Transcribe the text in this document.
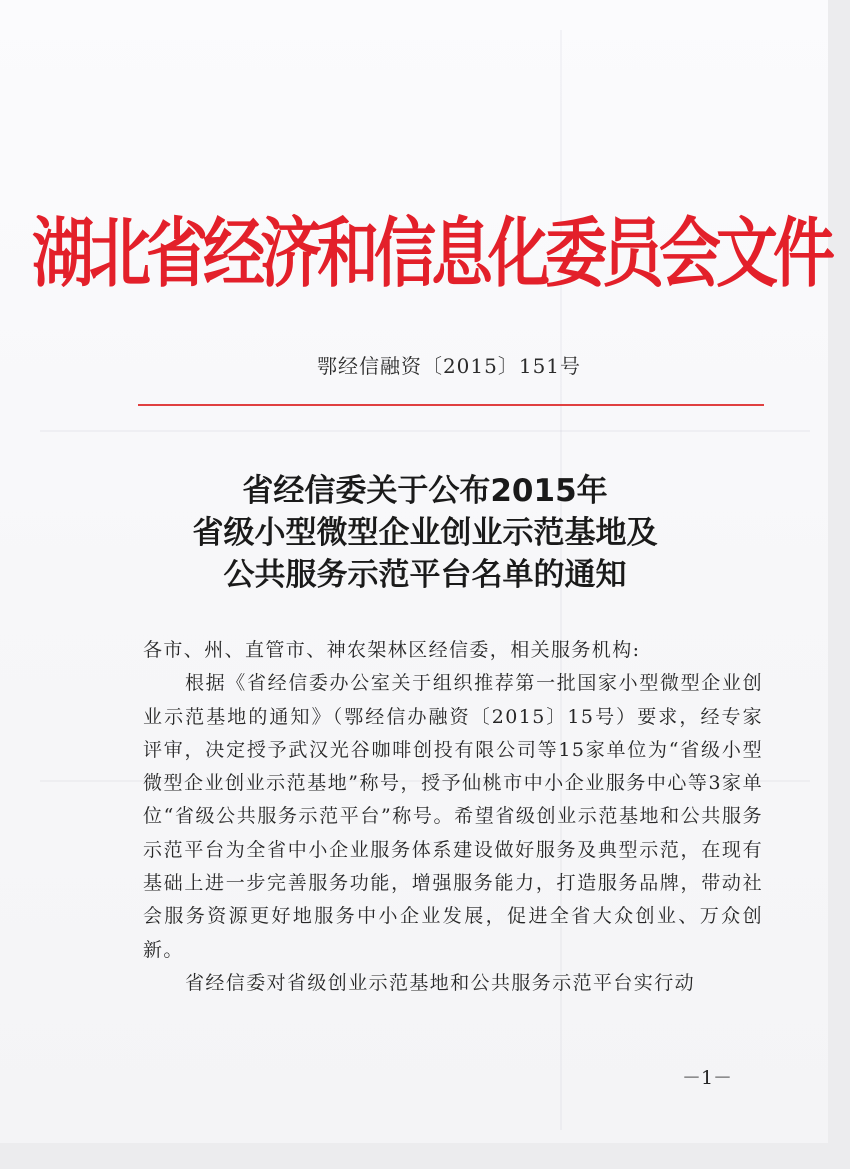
湖北省经济和信息化委员会文件
鄂经信融资〔2015〕151号
省经信委关于公布2015年
省级小型微型企业创业示范基地及
公共服务示范平台名单的通知

各市、州、直管市、神农架林区经信委，相关服务机构:

根据《省经信委办公室关于组织推荐第一批国家小型微型企业创业示范基地的通知》（鄂经信办融资〔2015〕15号）要求，经专家评审，决定授予武汉光谷咖啡创投有限公司等15家单位为“省级小型微型企业创业示范基地”称号，授予仙桃市中小企业服务中心等3家单位“省级公共服务示范平台”称号。希望省级创业示范基地和公共服务示范平台为全省中小企业服务体系建设做好服务及典型示范，在现有基础上进一步完善服务功能，增强服务能力，打造服务品牌，带动社会服务资源更好地服务中小企业发展，促进全省大众创业、万众创新。

省经信委对省级创业示范基地和公共服务示范平台实行动

－1－
